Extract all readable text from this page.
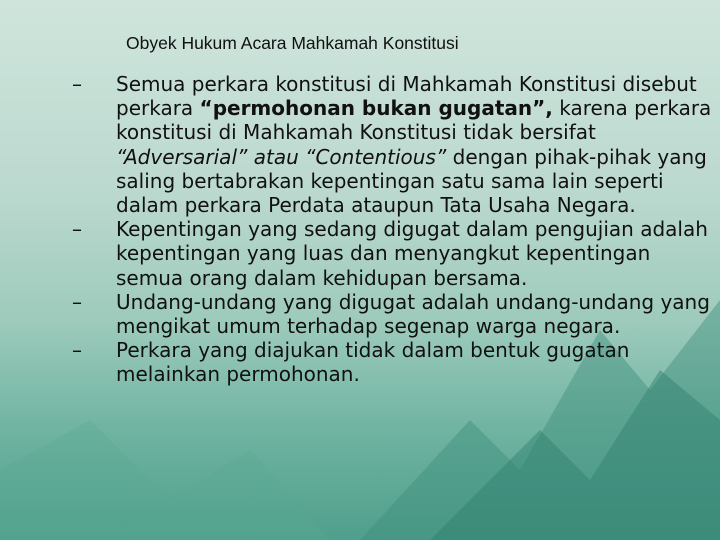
Obyek Hukum Acara Mahkamah Konstitusi
–	Semua perkara konstitusi di Mahkamah Konstitusi disebut perkara “permohonan bukan gugatan”, karena perkara konstitusi di Mahkamah Konstitusi tidak bersifat “Adversarial” atau “Contentious” dengan pihak-pihak yang saling bertabrakan kepentingan satu sama lain seperti dalam perkara Perdata ataupun Tata Usaha Negara.
–	Kepentingan yang sedang digugat dalam pengujian adalah kepentingan yang luas dan menyangkut kepentingan semua orang dalam kehidupan bersama.
–	Undang-undang yang digugat adalah undang-undang yang mengikat umum terhadap segenap warga negara.
–	Perkara yang diajukan tidak dalam bentuk gugatan melainkan permohonan.
